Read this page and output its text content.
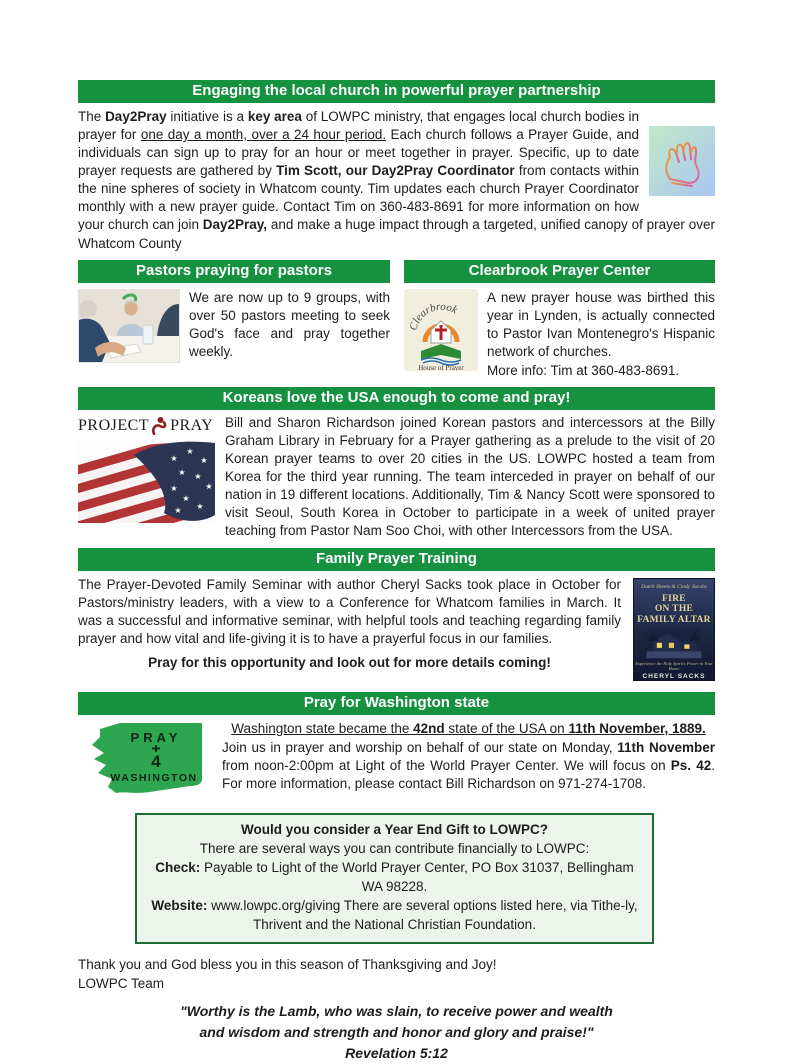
Engaging the local church in powerful prayer partnership

The Day2Pray initiative is a key area of LOWPC ministry, that engages local church bodies in prayer for one day a month, over a 24 hour period. Each church follows a Prayer Guide, and individuals can sign up to pray for an hour or meet together in prayer. Specific, up to date prayer requests are gathered by Tim Scott, our Day2Pray Coordinator from contacts within the nine spheres of society in Whatcom county. Tim updates each church Prayer Coordinator monthly with a new prayer guide. Contact Tim on 360-483-8691 for more information on how your church can join Day2Pray, and make a huge impact through a targeted, unified canopy of prayer over Whatcom County

Pastors praying for pastors

We are now up to 9 groups, with over 50 pastors meeting to seek God's face and pray together weekly.

Clearbrook Prayer Center
Clearbrook
House of Prayer

A new prayer house was birthed this year in Lynden, is actually connected to Pastor Ivan Montenegro's Hispanic network of churches.

More info: Tim at 360-483-8691.
Koreans love the USA enough to come and pray!
PROJECT PRAY
★
★
★
★ ★
★
★
★
★
★

Bill and Sharon Richardson joined Korean pastors and intercessors at the Billy Graham Library in February for a Prayer gathering as a prelude to the visit of 20 Korean prayer teams to over 20 cities in the US. LOWPC hosted a team from Korea for the third year running. The team interceded in prayer on behalf of our nation in 19 different locations. Additionally, Tim & Nancy Scott were sponsored to visit Seoul, South Korea in October to participate in a week of united prayer teaching from Pastor Nam Soo Choi, with other Intercessors from the USA.

Family Prayer Training
Dutch Sheets & Cindy Jacobs
FIRE
ON THE
FAMILY ALTAR
Experience the Holy Spirit's Power in Your Home
CHERYL SACKS

The Prayer-Devoted Family Seminar with author Cheryl Sacks took place in October for Pastors/ministry leaders, with a view to a Conference for Whatcom families in March. It was a successful and informative seminar, with helpful tools and teaching regarding family prayer and how vital and life-giving it is to have a prayerful focus in our families.

Pray for this opportunity and look out for more details coming!
Pray for Washington state
PRAY
4
WASHINGTON
Washington state became the 42nd state of the USA on 11th November, 1889.

Join us in prayer and worship on behalf of our state on Monday, 11th November from noon-2:00pm at Light of the World Prayer Center. We will focus on Ps. 42. For more information, please contact Bill Richardson on 971-274-1708.

Would you consider a Year End Gift to LOWPC?
There are several ways you can contribute financially to LOWPC:
Check: Payable to Light of the World Prayer Center, PO Box 31037, Bellingham WA 98228.
Website: www.lowpc.org/giving There are several options listed here, via Tithe-ly,
Thrivent and the National Christian Foundation.
Thank you and God bless you in this season of Thanksgiving and Joy!
LOWPC Team
"Worthy is the Lamb, who was slain, to receive power and wealth
and wisdom and strength and honor and glory and praise!"
Revelation 5:12
